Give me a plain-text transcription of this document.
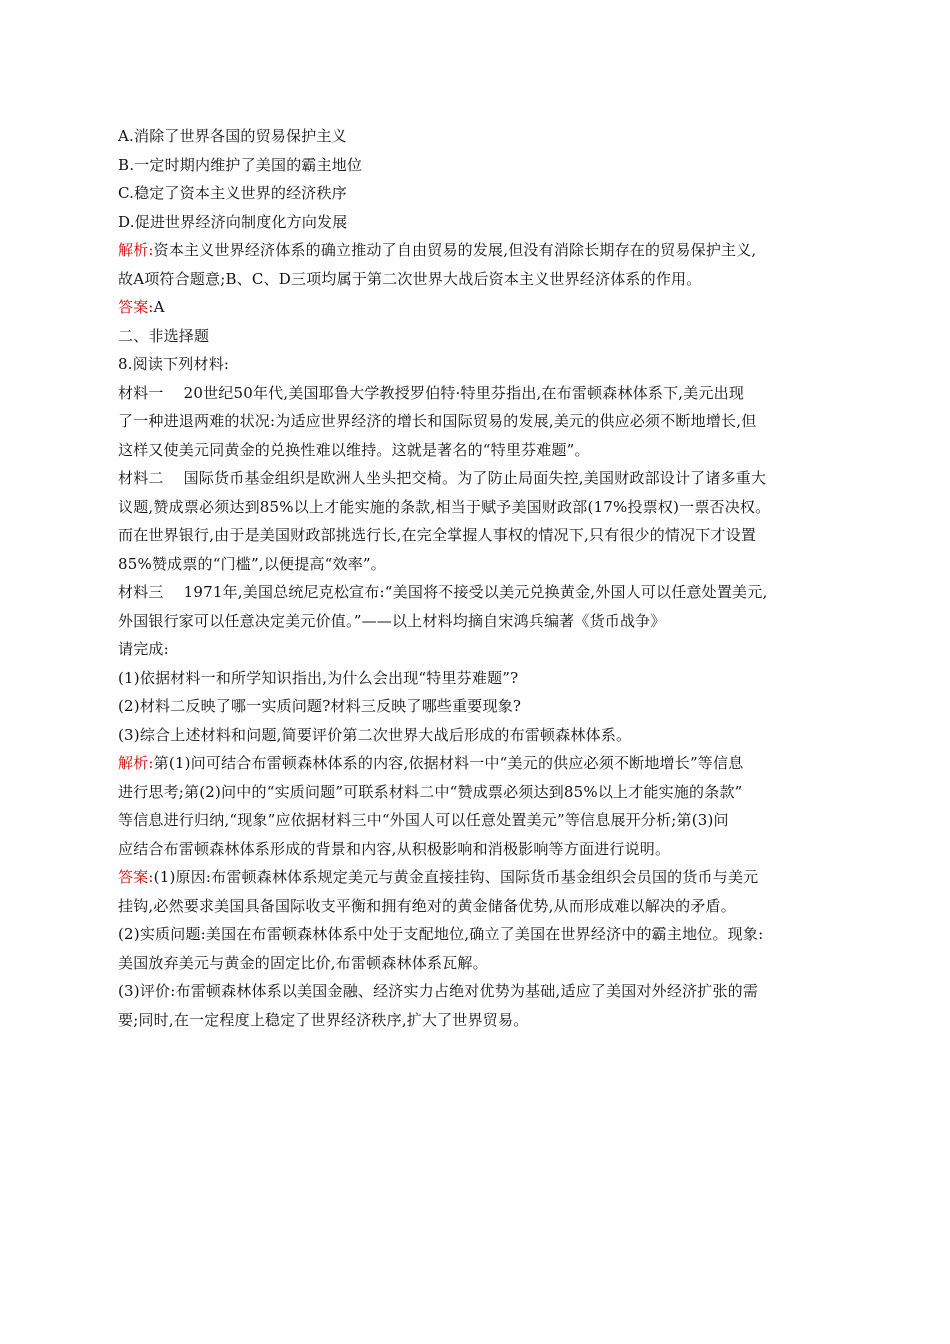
A.消除了世界各国的贸易保护主义
B.一定时期内维护了美国的霸主地位
C.稳定了资本主义世界的经济秩序
D.促进世界经济向制度化方向发展
解析:资本主义世界经济体系的确立推动了自由贸易的发展,但没有消除长期存在的贸易保护主义,
故A项符合题意;B、C、D三项均属于第二次世界大战后资本主义世界经济体系的作用。
答案:A
二、非选择题
8.阅读下列材料:
材料一 20世纪50年代,美国耶鲁大学教授罗伯特·特里芬指出,在布雷顿森林体系下,美元出现
了一种进退两难的状况:为适应世界经济的增长和国际贸易的发展,美元的供应必须不断地增长,但
这样又使美元同黄金的兑换性难以维持。这就是著名的“特里芬难题”。
材料二 国际货币基金组织是欧洲人坐头把交椅。为了防止局面失控,美国财政部设计了诸多重大
议题,赞成票必须达到85%以上才能实施的条款,相当于赋予美国财政部(17%投票权)一票否决权。
而在世界银行,由于是美国财政部挑选行长,在完全掌握人事权的情况下,只有很少的情况下才设置
85%赞成票的“门槛”,以便提高“效率”。
材料三 1971年,美国总统尼克松宣布:“美国将不接受以美元兑换黄金,外国人可以任意处置美元,
外国银行家可以任意决定美元价值。”——以上材料均摘自宋鸿兵编著《货币战争》
请完成:
(1)依据材料一和所学知识指出,为什么会出现“特里芬难题”?
(2)材料二反映了哪一实质问题?材料三反映了哪些重要现象?
(3)综合上述材料和问题,简要评价第二次世界大战后形成的布雷顿森林体系。
解析:第(1)问可结合布雷顿森林体系的内容,依据材料一中“美元的供应必须不断地增长”等信息
进行思考;第(2)问中的“实质问题”可联系材料二中“赞成票必须达到85%以上才能实施的条款”
等信息进行归纳,“现象”应依据材料三中“外国人可以任意处置美元”等信息展开分析;第(3)问
应结合布雷顿森林体系形成的背景和内容,从积极影响和消极影响等方面进行说明。
答案:(1)原因:布雷顿森林体系规定美元与黄金直接挂钩、国际货币基金组织会员国的货币与美元
挂钩,必然要求美国具备国际收支平衡和拥有绝对的黄金储备优势,从而形成难以解决的矛盾。
(2)实质问题:美国在布雷顿森林体系中处于支配地位,确立了美国在世界经济中的霸主地位。现象:
美国放弃美元与黄金的固定比价,布雷顿森林体系瓦解。
(3)评价:布雷顿森林体系以美国金融、经济实力占绝对优势为基础,适应了美国对外经济扩张的需
要;同时,在一定程度上稳定了世界经济秩序,扩大了世界贸易。
